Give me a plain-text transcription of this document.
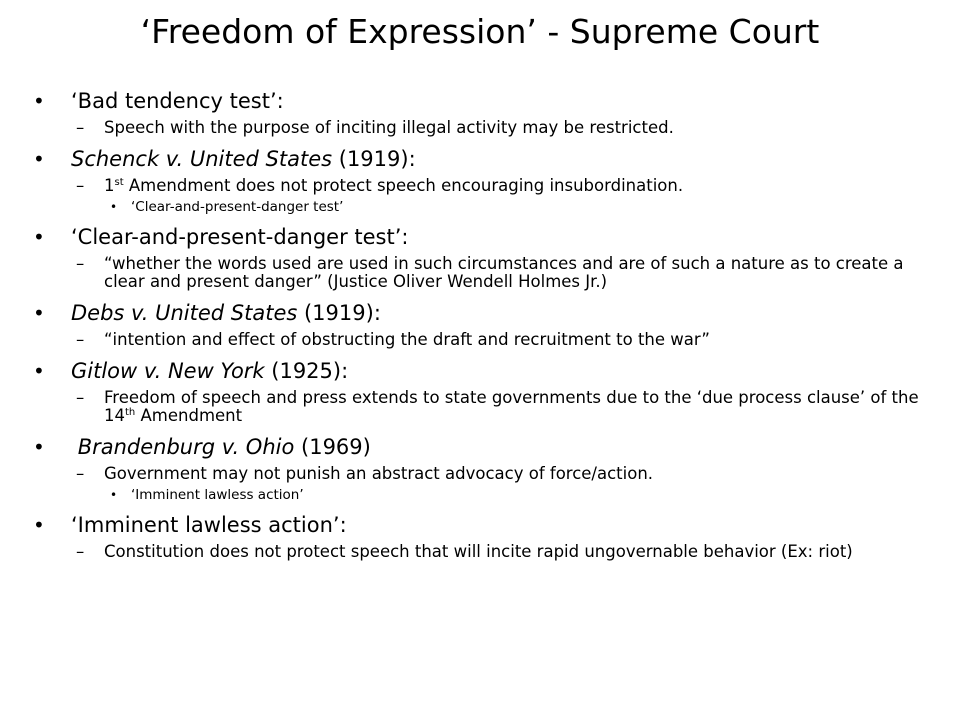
‘Freedom of Expression’ - Supreme Court
• ‘Bad tendency test’:
– Speech with the purpose of inciting illegal activity may be restricted.
• Schenck v. United States (1919):
– 1st Amendment does not protect speech encouraging insubordination.
• ‘Clear-and-present-danger test’
• ‘Clear-and-present-danger test’:
– “whether the words used are used in such circumstances and are of such a nature as to create a clear and present danger” (Justice Oliver Wendell Holmes Jr.)
• Debs v. United States (1919):
– “intention and effect of obstructing the draft and recruitment to the war”
• Gitlow v. New York (1925):
– Freedom of speech and press extends to state governments due to the ‘due process clause’ of the 14th Amendment
• Brandenburg v. Ohio (1969)
– Government may not punish an abstract advocacy of force/action.
• ‘Imminent lawless action’
• ‘Imminent lawless action’:
– Constitution does not protect speech that will incite rapid ungovernable behavior (Ex: riot)
